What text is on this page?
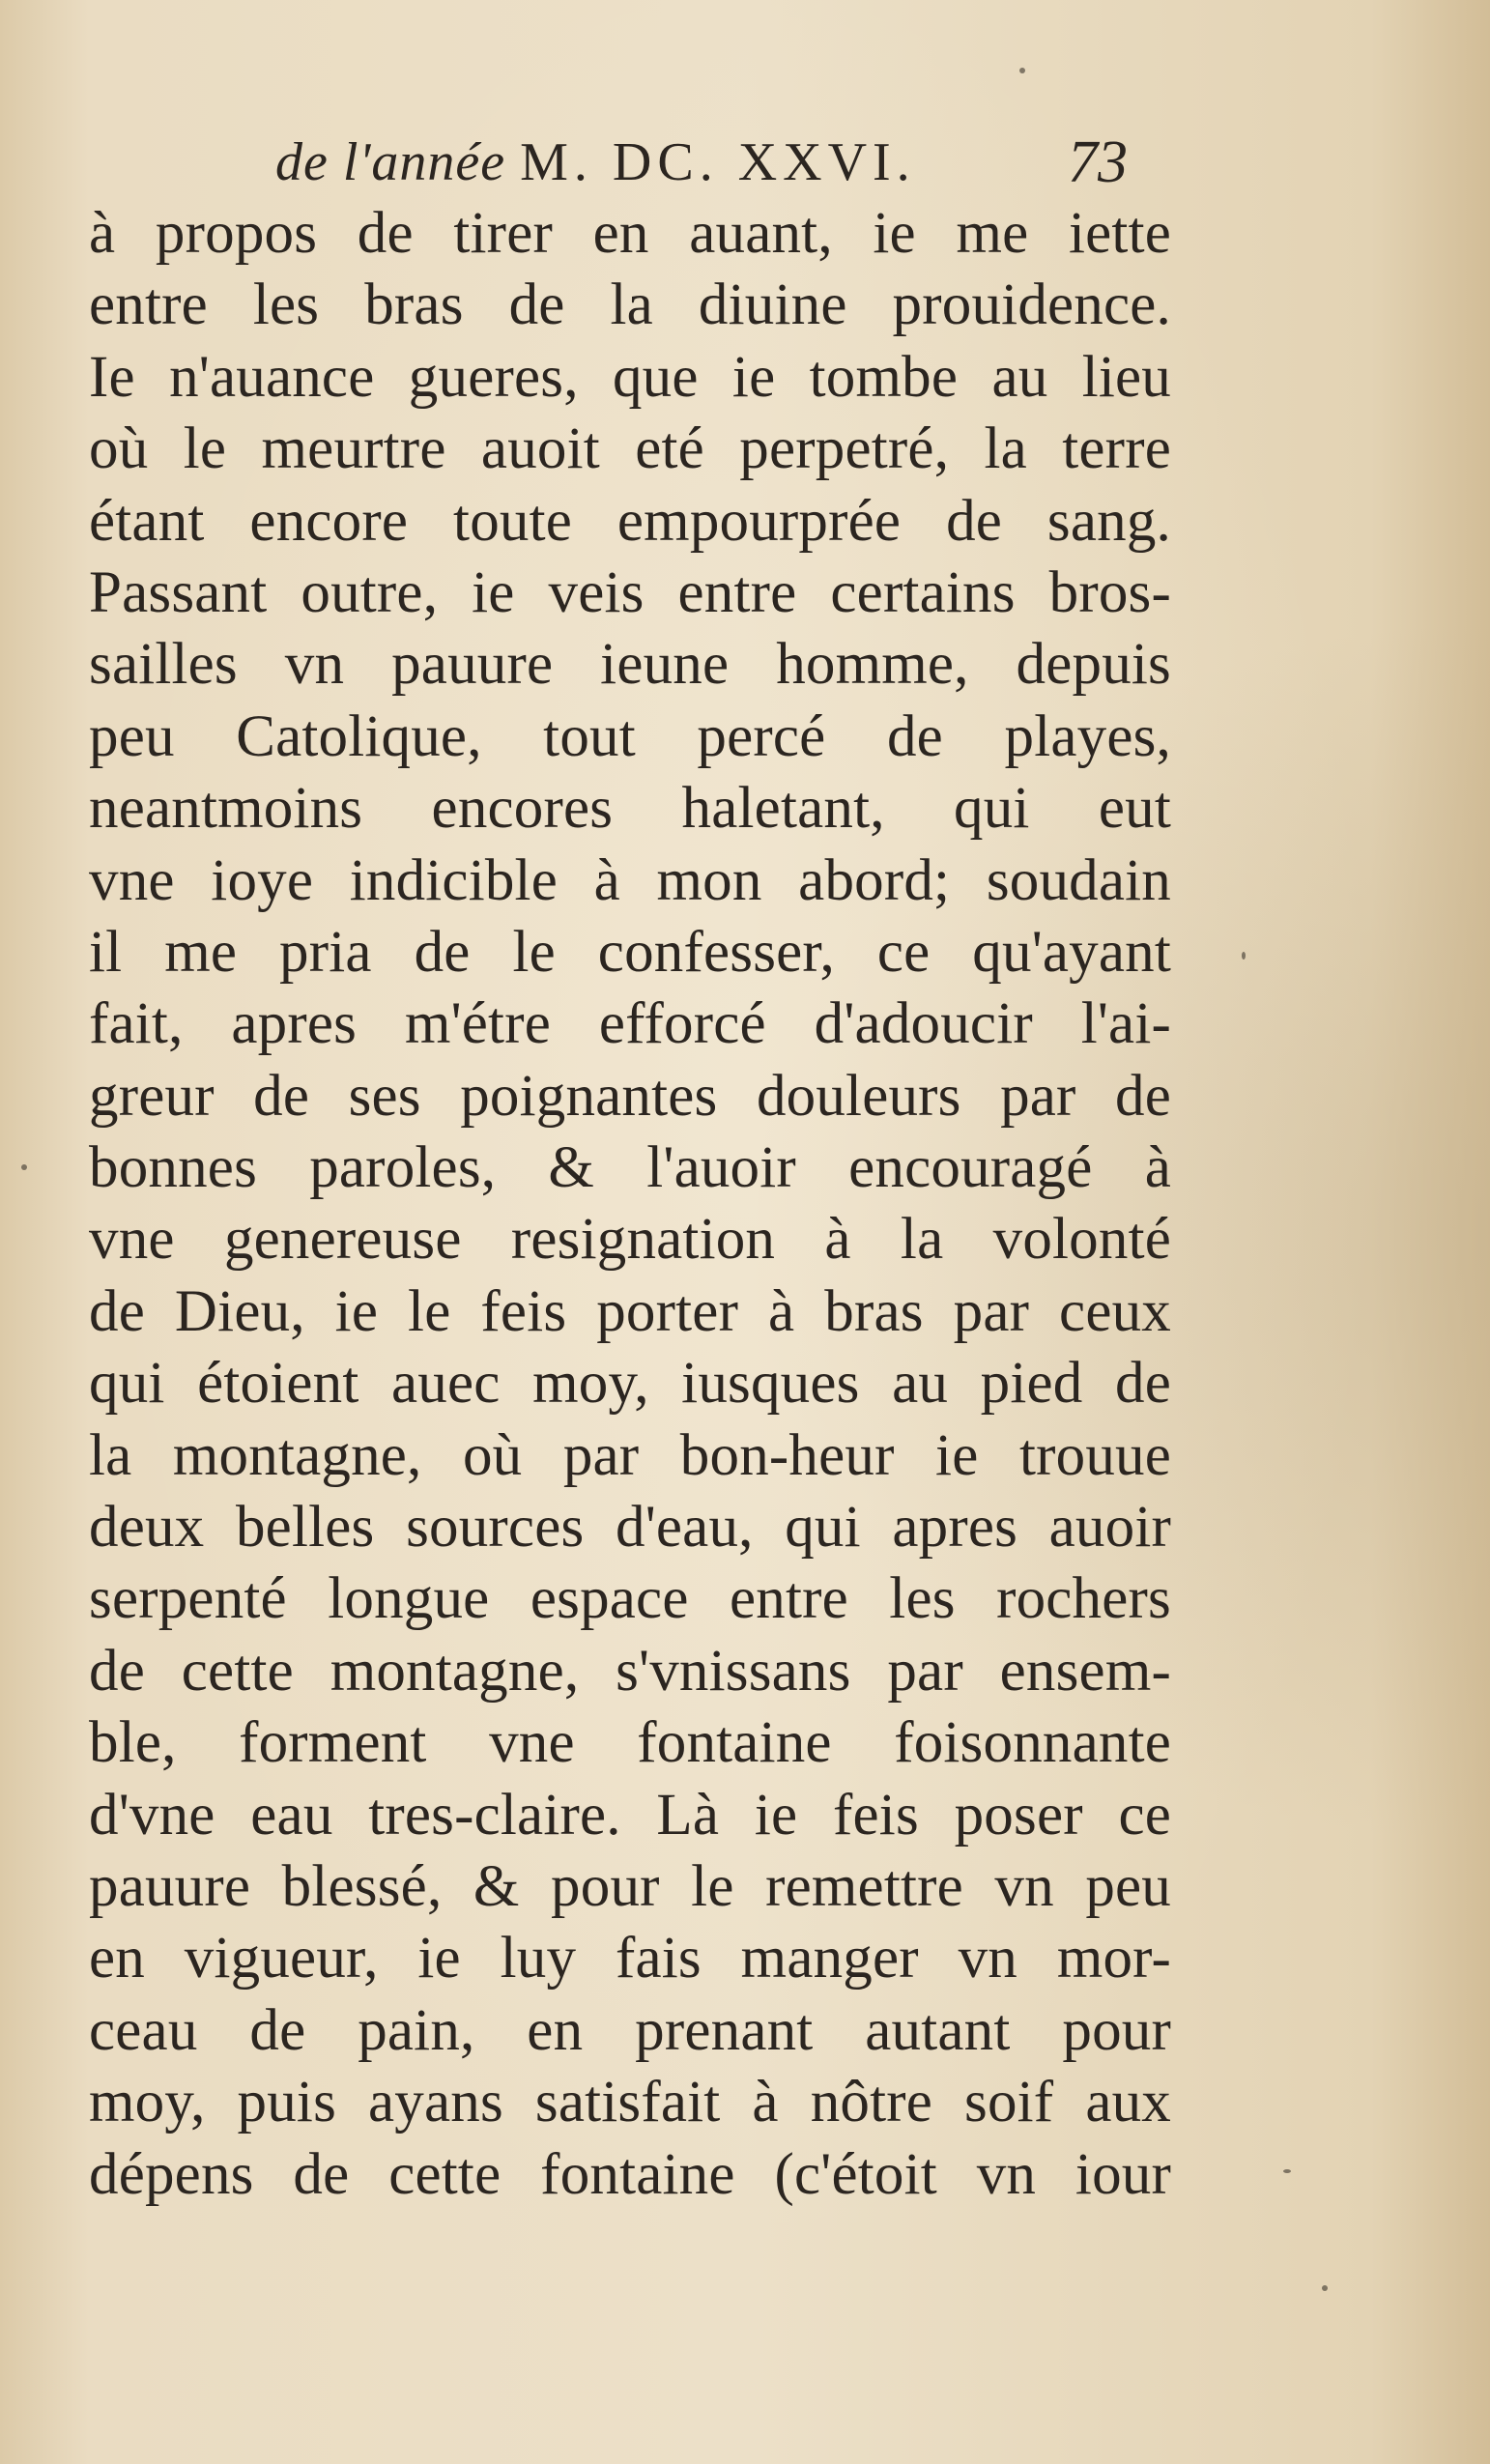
de l'année M. DC. XXVI.	73
à propos de tirer en auant, ie me iette
entre les bras de la diuine prouidence.
Ie n'auance gueres, que ie tombe au lieu
où le meurtre auoit eté perpetré, la terre
étant encore toute empourprée de sang.
Passant outre, ie veis entre certains bros-
sailles vn pauure ieune homme, depuis
peu Catolique, tout percé de playes,
neantmoins encores haletant, qui eut
vne ioye indicible à mon abord; soudain
il me pria de le confesser, ce qu'ayant
fait, apres m'étre efforcé d'adoucir l'ai-
greur de ses poignantes douleurs par de
bonnes paroles, & l'auoir encouragé à
vne genereuse resignation à la volonté
de Dieu, ie le feis porter à bras par ceux
qui étoient auec moy, iusques au pied de
la montagne, où par bon-heur ie trouue
deux belles sources d'eau, qui apres auoir
serpenté longue espace entre les rochers
de cette montagne, s'vnissans par ensem-
ble, forment vne fontaine foisonnante
d'vne eau tres-claire. Là ie feis poser ce
pauure blessé, & pour le remettre vn peu
en vigueur, ie luy fais manger vn mor-
ceau de pain, en prenant autant pour
moy, puis ayans satisfait à nôtre soif aux
dépens de cette fontaine (c'étoit vn iour
